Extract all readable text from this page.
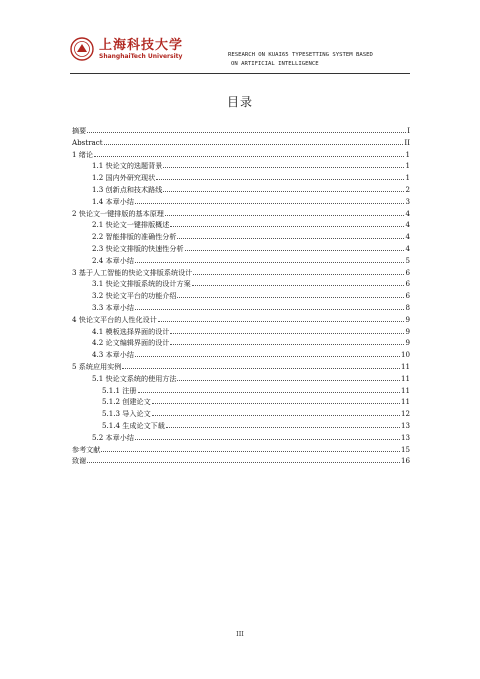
上海科技大学
ShanghaiTech University	RESEARCH ON KUAI65 TYPESETTING SYSTEM BASED
ON ARTIFICIAL INTELLIGENCE
目录
摘要	I
Abstract	II
1 绪论	1
1.1 快论文的选题背景	1
1.2 国内外研究现状	1
1.3 创新点和技术路线	2
1.4 本章小结	3
2 快论文一键排版的基本原理	4
2.1 快论文一键排版概述	4
2.2 智能排版的准确性分析	4
2.3 快论文排版的快速性分析	4
2.4 本章小结	5
3 基于人工智能的快论文排版系统设计	6
3.1 快论文排版系统的设计方案	6
3.2 快论文平台的功能介绍	6
3.3 本章小结	8
4 快论文平台的人性化设计	9
4.1 模板选择界面的设计	9
4.2 论文编辑界面的设计	9
4.3 本章小结	10
5 系统应用实例	11
5.1 快论文系统的使用方法	11
5.1.1 注册	11
5.1.2 创建论文	11
5.1.3 导入论文	12
5.1.4 生成论文下载	13
5.2 本章小结	13
参考文献	15
致谢	16
III
